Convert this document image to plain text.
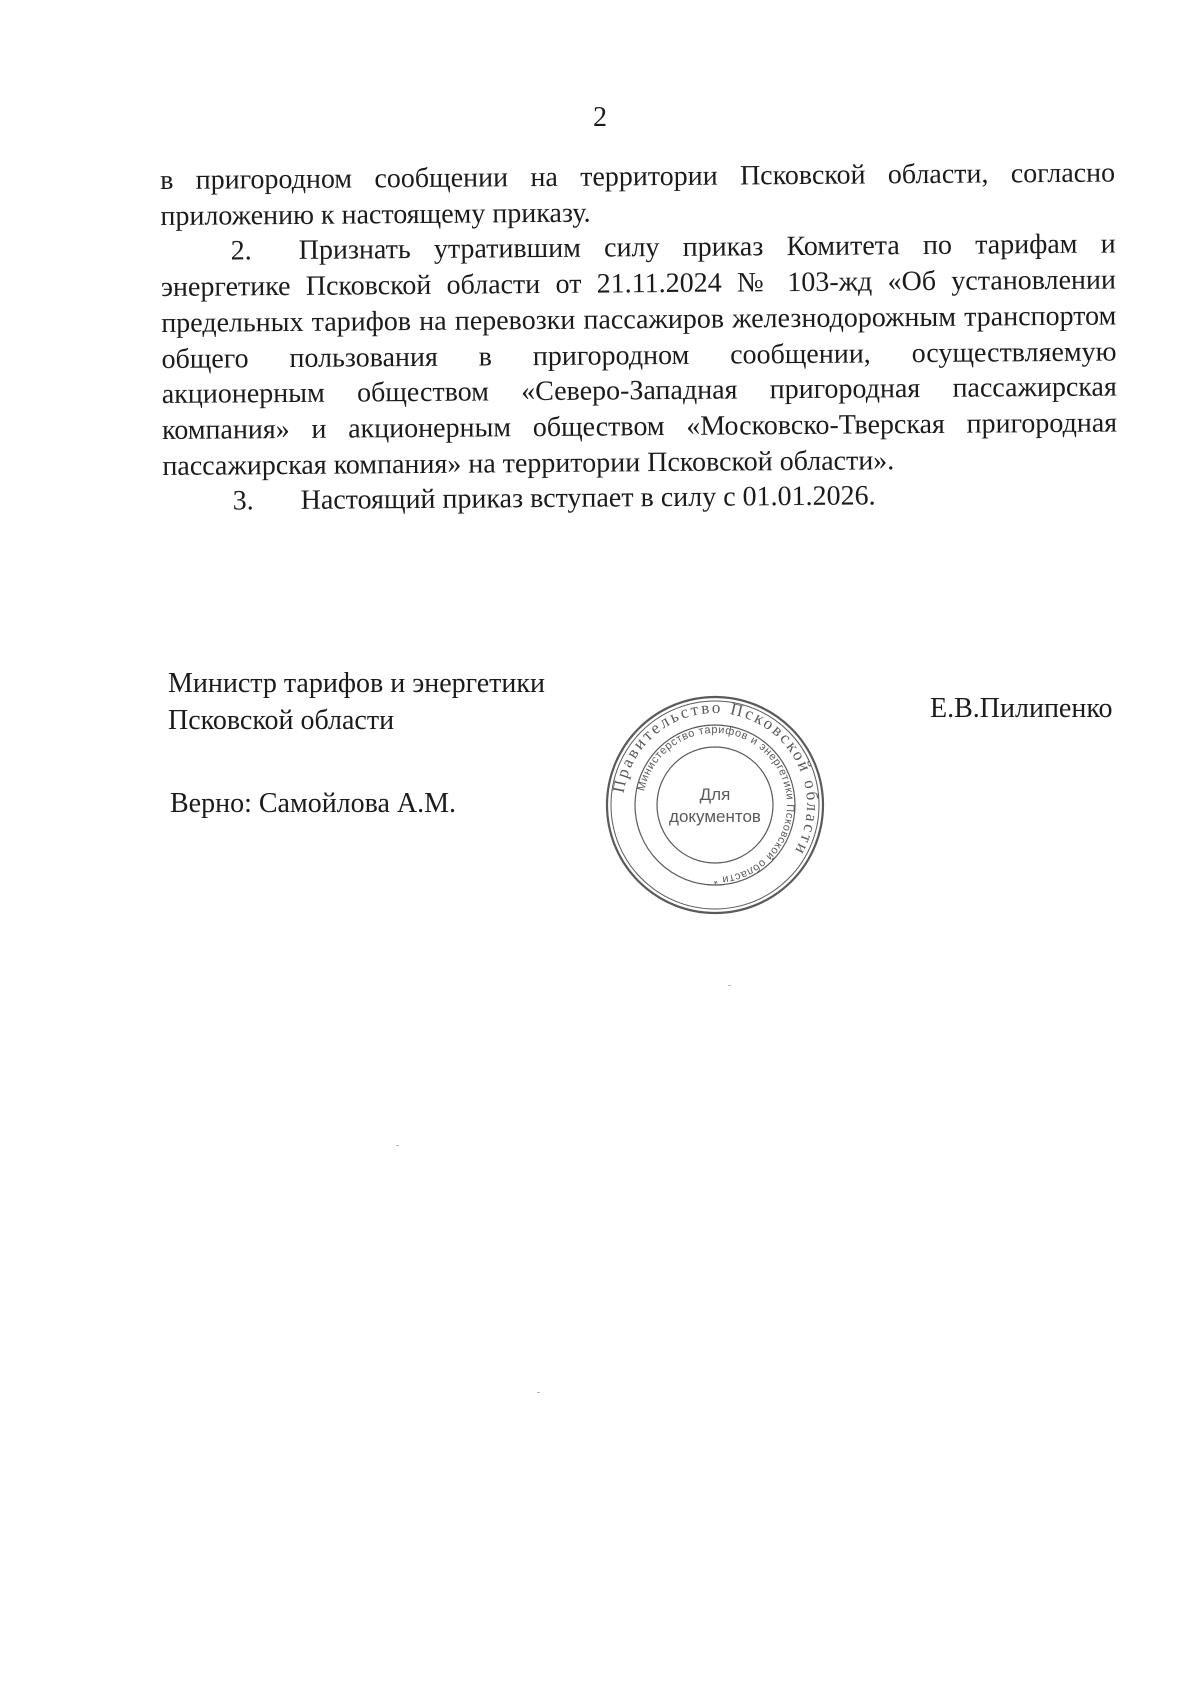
2

в пригородном сообщении на территории Псковской области, согласно приложению к настоящему приказу.

2. Признать утратившим силу приказ Комитета по тарифам и энергетике Псковской области от 21.11.2024 № 103-жд «Об установлении предельных тарифов на перевозки пассажиров железнодорожным транспортом общего пользования в пригородном сообщении, осуществляемую акционерным обществом «Северо-Западная пригородная пассажирская компания» и акционерным обществом «Московско-Тверская пригородная пассажирская компания» на территории Псковской области».

3. Настоящий приказ вступает в силу с 01.01.2026.

Министр тарифов и энергетики
Псковской области	Е.В.Пилипенко
Верно: Самойлова А.М.
Правительство Псковской области
Министерство тарифов и энергетики Псковской области *
Для
документов
